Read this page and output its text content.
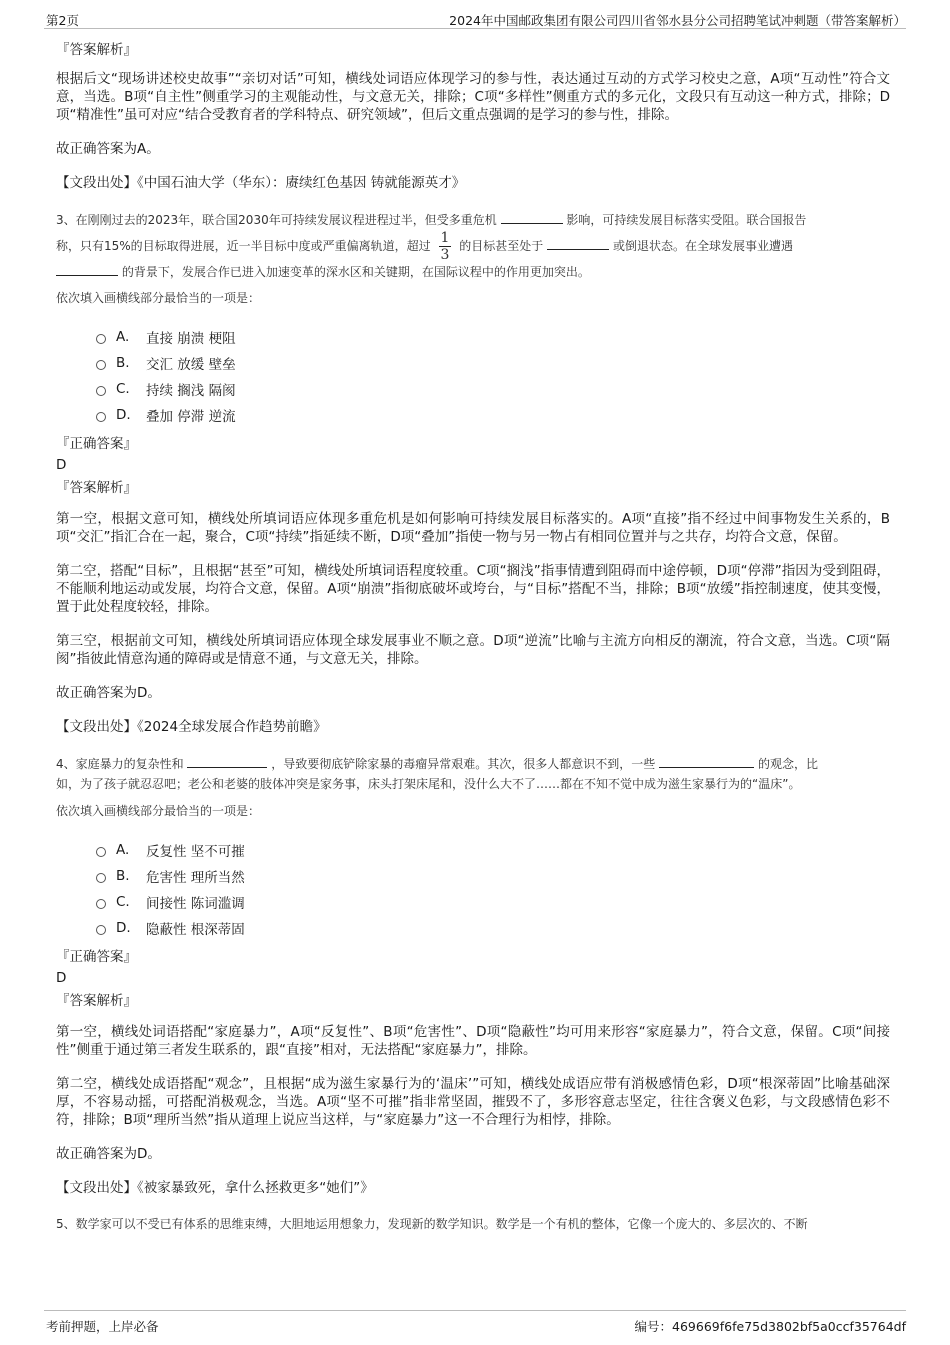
第2页	2024年中国邮政集团有限公司四川省邻水县分公司招聘笔试冲刺题（带答案解析）
『答案解析』

根据后文“现场讲述校史故事”“亲切对话”可知，横线处词语应体现学习的参与性，表达通过互动的方式学习校史之意，A项“互动性”符合文意，当选。B项“自主性”侧重学习的主观能动性，与文意无关，排除；C项“多样性”侧重方式的多元化，文段只有互动这一种方式，排除；D项“精准性”虽可对应“结合受教育者的学科特点、研究领域”，但后文重点强调的是学习的参与性，排除。

故正确答案为A。

【文段出处】《中国石油大学（华东）：赓续红色基因 铸就能源英才》

3、在刚刚过去的2023年，联合国2030年可持续发展议程进程过半，但受多重危机	影响，可持续发展目标落实受阻。联合国报告
称，只有15%的目标取得进展，近一半目标中度或严重偏离轨道，超过 $\frac{1}{3}$ 的目标甚至处于	或倒退状态。在全球发展事业遭遇
的背景下，发展合作已进入加速变革的深水区和关键期，在国际议程中的作用更加突出。
依次填入画横线部分最恰当的一项是：
A.	直接 崩溃 梗阻
B.	交汇 放缓 壁垒
C.	持续 搁浅 隔阂
D.	叠加 停滞 逆流
『正确答案』
D
『答案解析』

第一空，根据文意可知，横线处所填词语应体现多重危机是如何影响可持续发展目标落实的。A项“直接”指不经过中间事物发生关系的，B项“交汇”指汇合在一起，聚合，C项“持续”指延续不断，D项“叠加”指使一物与另一物占有相同位置并与之共存，均符合文意，保留。

第二空，搭配“目标”，且根据“甚至”可知，横线处所填词语程度较重。C项“搁浅”指事情遭到阻碍而中途停顿，D项“停滞”指因为受到阻碍，不能顺利地运动或发展，均符合文意，保留。A项“崩溃”指彻底破坏或垮台，与“目标”搭配不当，排除；B项“放缓”指控制速度，使其变慢，置于此处程度较轻，排除。

第三空，根据前文可知，横线处所填词语应体现全球发展事业不顺之意。D项“逆流”比喻与主流方向相反的潮流，符合文意，当选。C项“隔阂”指彼此情意沟通的障碍或是情意不通，与文意无关，排除。

故正确答案为D。

【文段出处】《2024全球发展合作趋势前瞻》

4、家庭暴力的复杂性和	，导致要彻底铲除家暴的毒瘤异常艰难。其次，很多人都意识不到，一些	的观念，比
如，为了孩子就忍忍吧；老公和老婆的肢体冲突是家务事，床头打架床尾和，没什么大不了……都在不知不觉中成为滋生家暴行为的“温床”。
依次填入画横线部分最恰当的一项是：
A.	反复性 坚不可摧
B.	危害性 理所当然
C.	间接性 陈词滥调
D.	隐蔽性 根深蒂固
『正确答案』
D
『答案解析』

第一空，横线处词语搭配“家庭暴力”，A项“反复性”、B项“危害性”、D项“隐蔽性”均可用来形容“家庭暴力”，符合文意，保留。C项“间接性”侧重于通过第三者发生联系的，跟“直接”相对，无法搭配“家庭暴力”，排除。

第二空，横线处成语搭配“观念”，且根据“成为滋生家暴行为的‘温床’”可知，横线处成语应带有消极感情色彩，D项“根深蒂固”比喻基础深厚，不容易动摇，可搭配消极观念，当选。A项“坚不可摧”指非常坚固，摧毁不了，多形容意志坚定，往往含褒义色彩，与文段感情色彩不符，排除；B项“理所当然”指从道理上说应当这样，与“家庭暴力”这一不合理行为相悖，排除。

故正确答案为D。

【文段出处】《被家暴致死，拿什么拯救更多“她们”》

5、数学家可以不受已有体系的思维束缚，大胆地运用想象力，发现新的数学知识。数学是一个有机的整体，它像一个庞大的、多层次的、不断
考前押题，上岸必备	编号：469669f6fe75d3802bf5a0ccf35764df
